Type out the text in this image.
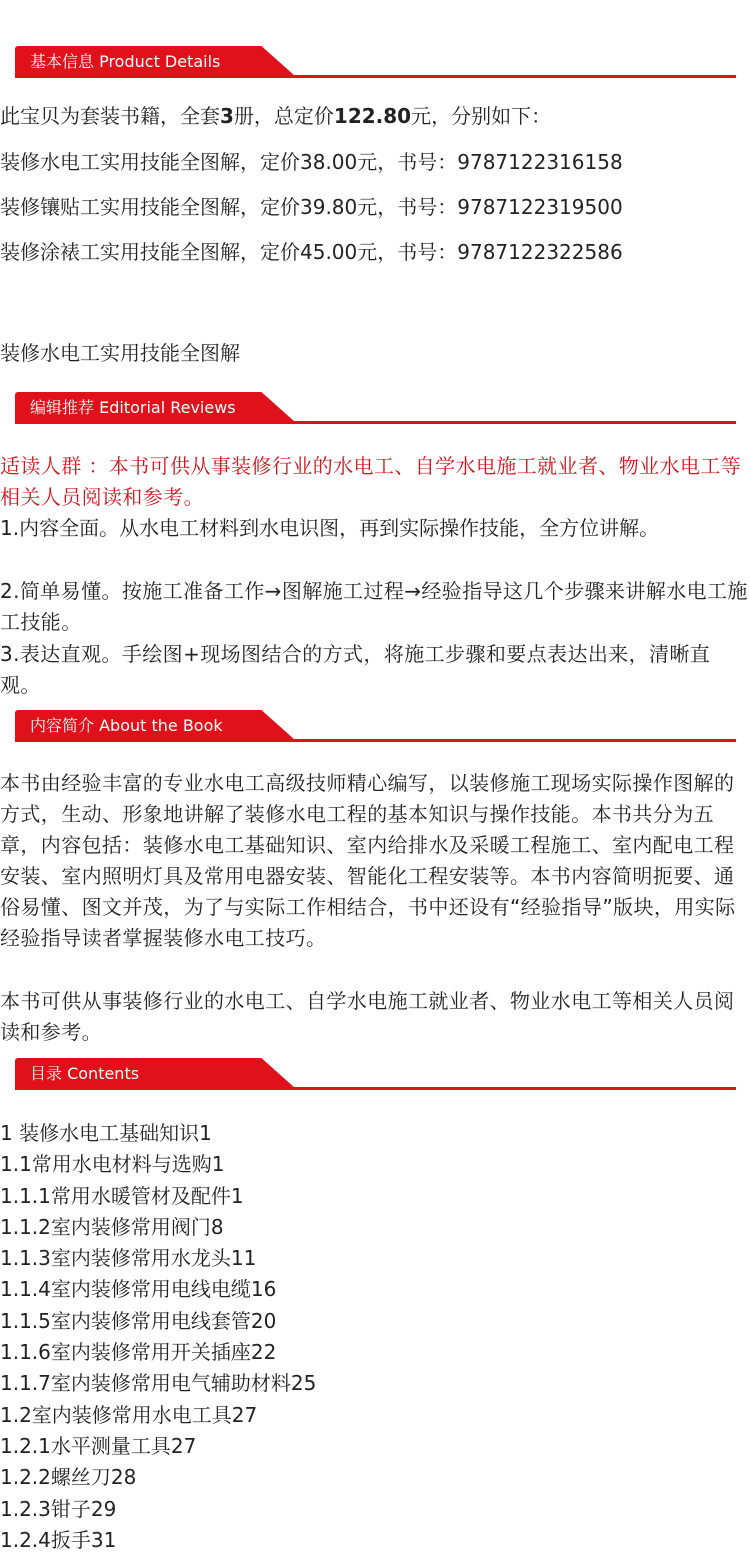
基本信息 Product Details
此宝贝为套装书籍，全套3册，总定价122.80元，分别如下：
装修水电工实用技能全图解，定价38.00元，书号：9787122316158
装修镶贴工实用技能全图解，定价39.80元，书号：9787122319500
装修涂裱工实用技能全图解，定价45.00元，书号：9787122322586
装修水电工实用技能全图解
编辑推荐 Editorial Reviews
适读人群 ：本书可供从事装修行业的水电工、自学水电施工就业者、物业水电工等相关人员阅读和参考。
1.内容全面。从水电工材料到水电识图，再到实际操作技能，全方位讲解。
2.简单易懂。按施工准备工作→图解施工过程→经验指导这几个步骤来讲解水电工施工技能。
3.表达直观。手绘图+现场图结合的方式，将施工步骤和要点表达出来，清晰直观。
内容简介 About the Book
本书由经验丰富的专业水电工高级技师精心编写，以装修施工现场实际操作图解的方式，生动、形象地讲解了装修水电工程的基本知识与操作技能。本书共分为五章，内容包括：装修水电工基础知识、室内给排水及采暖工程施工、室内配电工程安装、室内照明灯具及常用电器安装、智能化工程安装等。本书内容简明扼要、通俗易懂、图文并茂，为了与实际工作相结合，书中还设有“经验指导”版块，用实际经验指导读者掌握装修水电工技巧。
本书可供从事装修行业的水电工、自学水电施工就业者、物业水电工等相关人员阅读和参考。
目录 Contents
1 装修水电工基础知识1
1.1常用水电材料与选购1
1.1.1常用水暖管材及配件1
1.1.2室内装修常用阀门8
1.1.3室内装修常用水龙头11
1.1.4室内装修常用电线电缆16
1.1.5室内装修常用电线套管20
1.1.6室内装修常用开关插座22
1.1.7室内装修常用电气辅助材料25
1.2室内装修常用水电工具27
1.2.1水平测量工具27
1.2.2螺丝刀28
1.2.3钳子29
1.2.4扳手31
